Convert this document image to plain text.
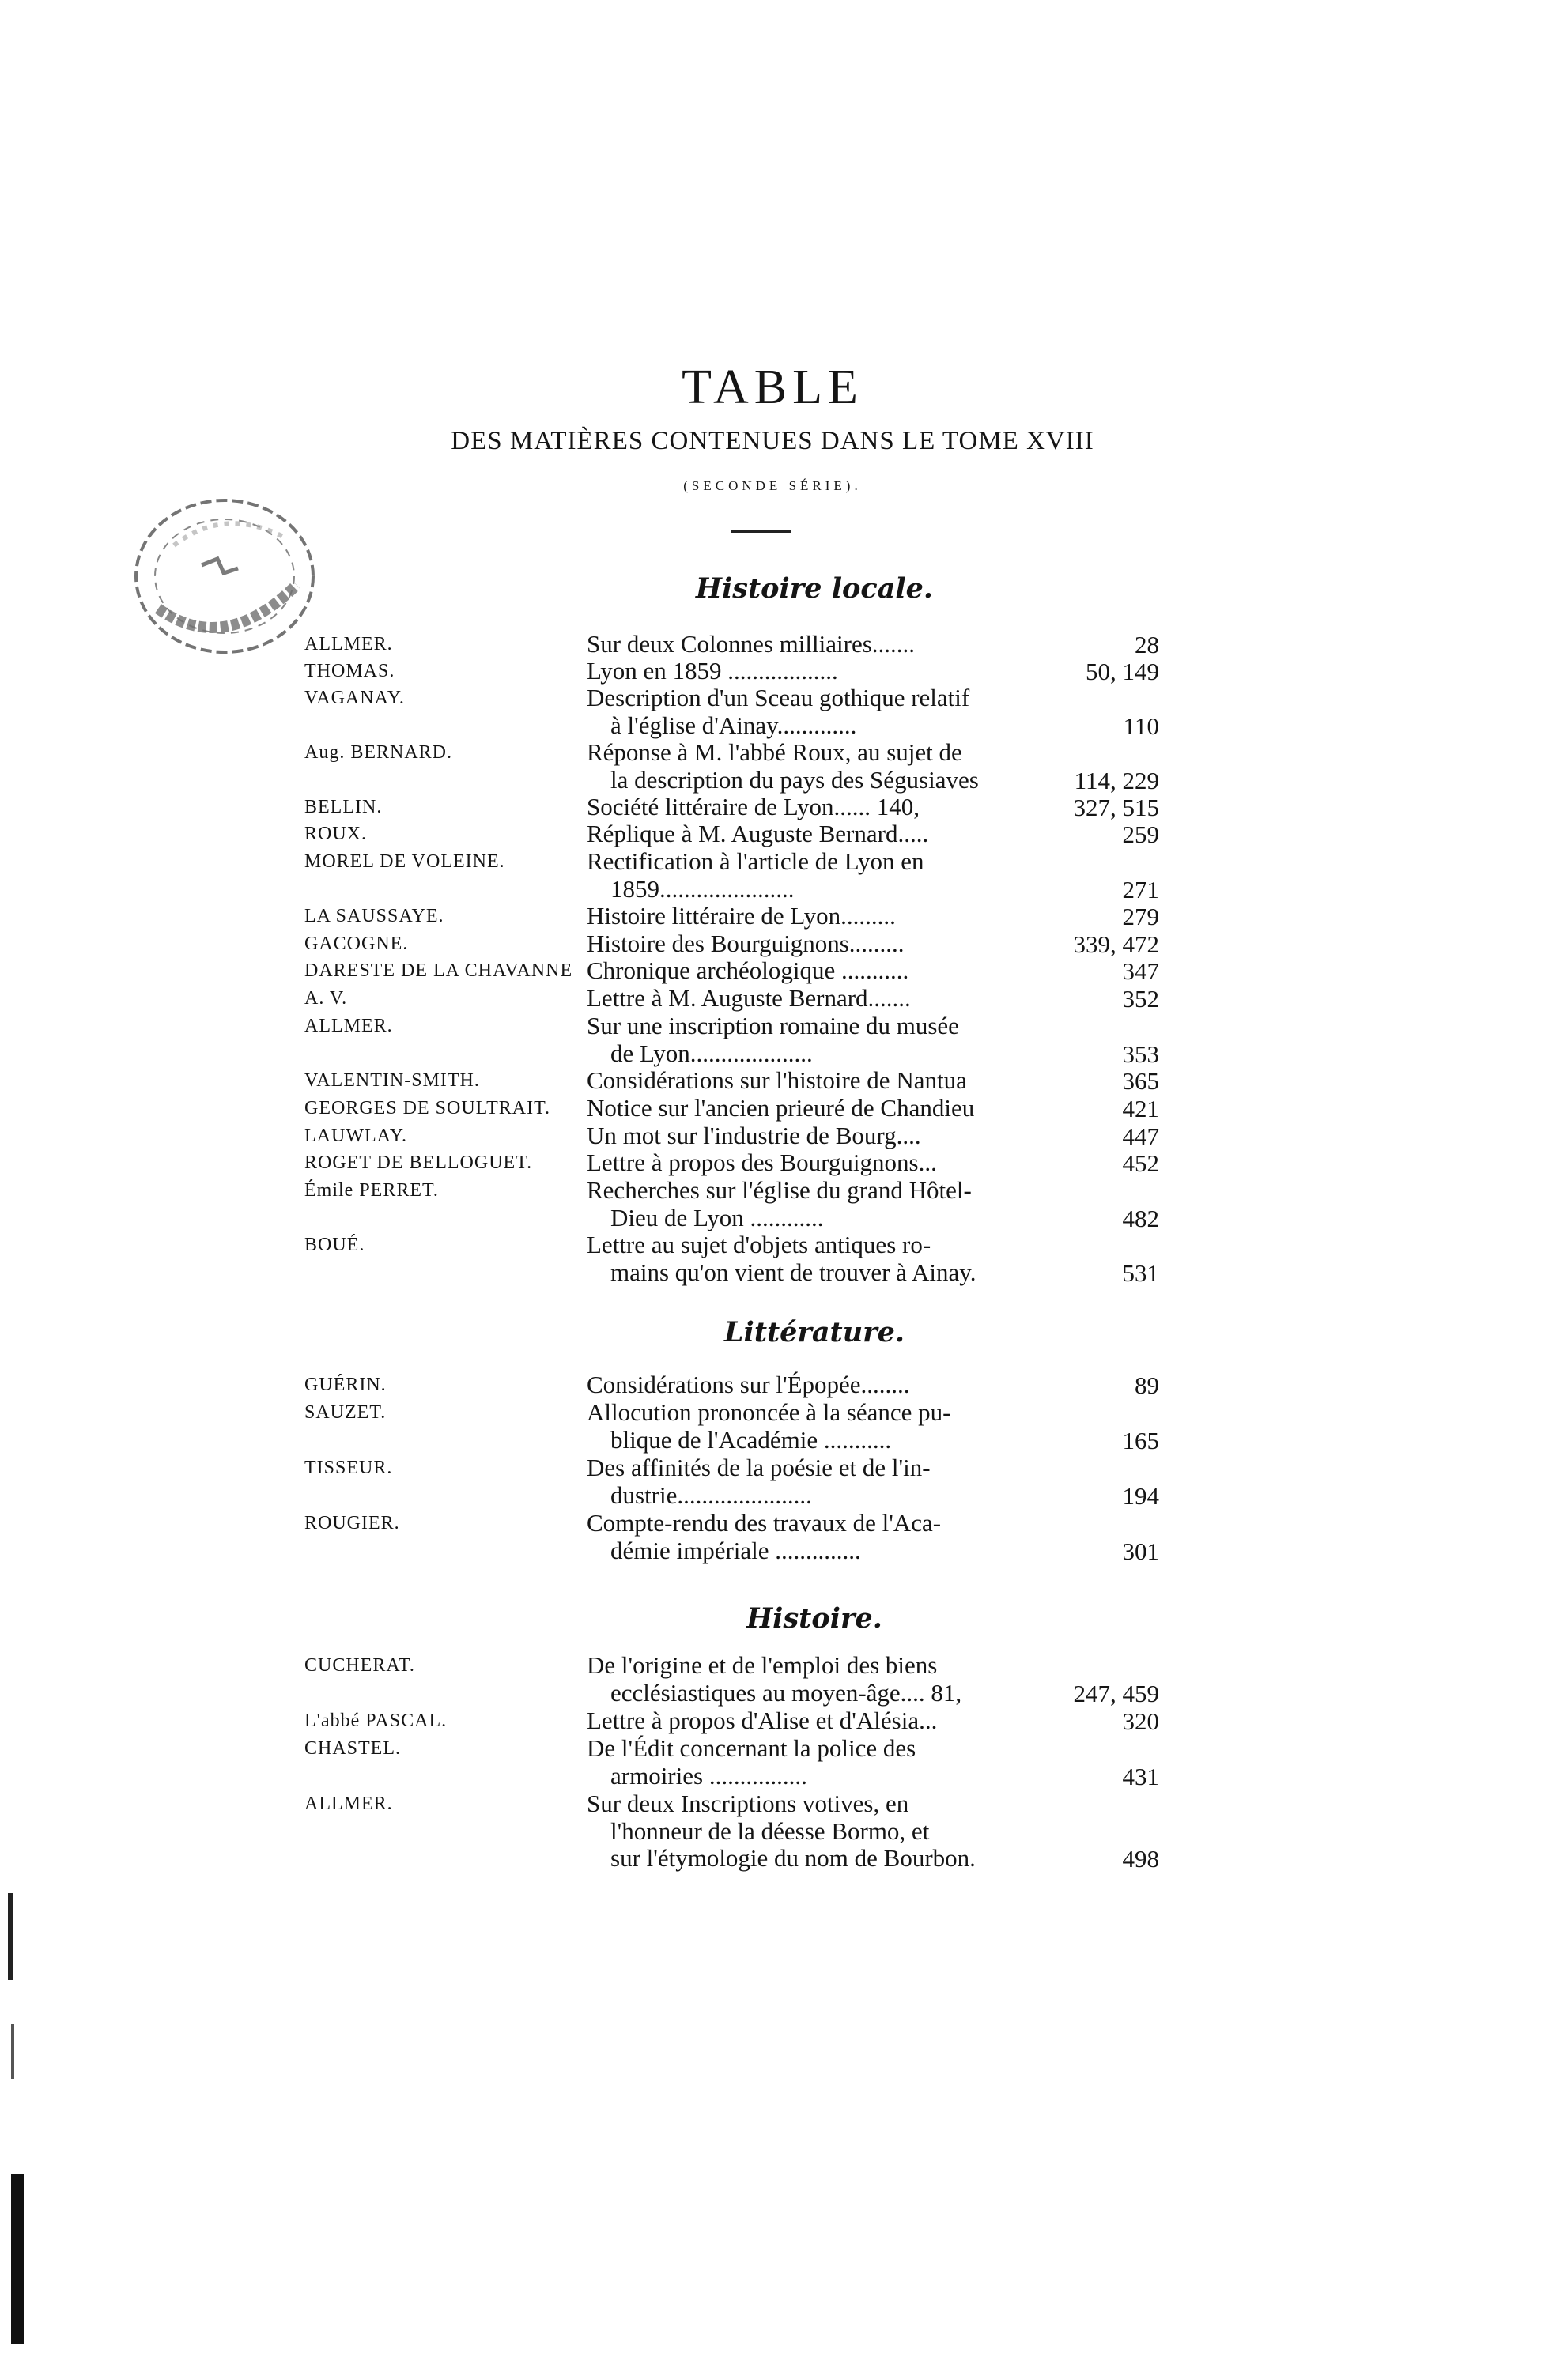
TABLE
DES MATIÈRES CONTENUES DANS LE TOME XVIII
(SECONDE SÉRIE).
Histoire locale.
ALLMER.	Sur deux Colonnes milliaires.......	28
THOMAS.	Lyon en 1859 ..................	50, 149
VAGANAY.	Description d'un Sceau gothique relatif
à l'église d'Ainay.............	110
Aug. BERNARD.	Réponse à M. l'abbé Roux, au sujet de
la description du pays des Ségusiaves	114, 229
BELLIN.	Société littéraire de Lyon...... 140,	327, 515
ROUX.	Réplique à M. Auguste Bernard.....	259
MOREL DE VOLEINE.	Rectification à l'article de Lyon en
1859......................	271
LA SAUSSAYE.	Histoire littéraire de Lyon.........	279
GACOGNE.	Histoire des Bourguignons.........	339, 472
DARESTE DE LA CHAVANNE Chronique archéologique ...........	347
A. V.	Lettre à M. Auguste Bernard.......	352
ALLMER.	Sur une inscription romaine du musée
de Lyon....................	353
VALENTIN-SMITH.	Considérations sur l'histoire de Nantua	365
GEORGES DE SOULTRAIT. Notice sur l'ancien prieuré de Chandieu	421
LAUWLAY.	Un mot sur l'industrie de Bourg....	447
ROGET DE BELLOGUET. Lettre à propos des Bourguignons...	452
Émile PERRET.	Recherches sur l'église du grand Hôtel-
Dieu de Lyon ............	482
BOUÉ.	Lettre au sujet d'objets antiques ro-
mains qu'on vient de trouver à Ainay.	531
Littérature.
GUÉRIN.	Considérations sur l'Épopée........	89
SAUZET.	Allocution prononcée à la séance pu-
blique de l'Académie ...........	165
TISSEUR.	Des affinités de la poésie et de l'in-
dustrie......................	194
ROUGIER.	Compte-rendu des travaux de l'Aca-
démie impériale ..............	301
Histoire.
CUCHERAT.	De l'origine et de l'emploi des biens
ecclésiastiques au moyen-âge.... 81,	247, 459
L'abbé PASCAL.	Lettre à propos d'Alise et d'Alésia...	320
CHASTEL.	De l'Édit concernant la police des
armoiries ................	431
ALLMER.	Sur deux Inscriptions votives, en
l'honneur de la déesse Bormo, et
sur l'étymologie du nom de Bourbon.	498
